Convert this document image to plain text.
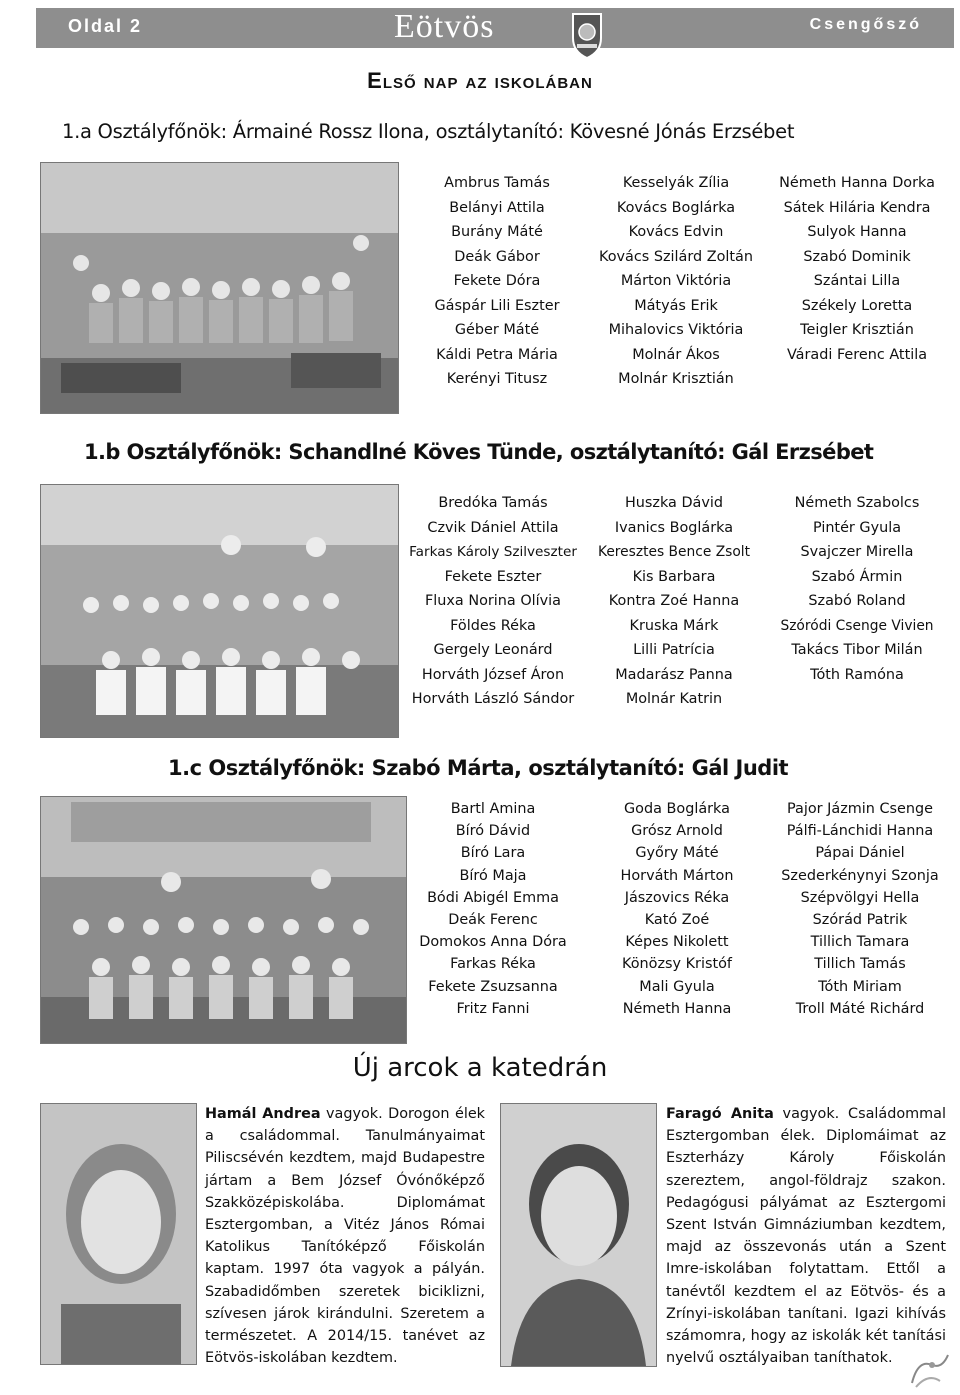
Oldal 2	Eötvös	Csengőszó
Első nap az iskolában
1.a Osztályfőnök: Ármainé Rossz Ilona, osztálytanító: Kövesné Jónás Erzsébet
Ambrus Tamás
Belányi Attila
Burány Máté
Deák Gábor
Fekete Dóra
Gáspár Lili Eszter
Géber Máté
Káldi Petra Mária
Kerényi Titusz
Kesselyák Zília
Kovács Boglárka
Kovács Edvin
Kovács Szilárd Zoltán
Márton Viktória
Mátyás Erik
Mihalovics Viktória
Molnár Ákos
Molnár Krisztián
Németh Hanna Dorka
Sátek Hilária Kendra
Sulyok Hanna
Szabó Dominik
Szántai Lilla
Székely Loretta
Teigler Krisztián
Váradi Ferenc Attila
1.b Osztályfőnök: Schandlné Köves Tünde, osztálytanító: Gál Erzsébet
Bredóka Tamás
Czvik Dániel Attila
Farkas Károly Szilveszter
Fekete Eszter
Fluxa Norina Olívia
Földes Réka
Gergely Leonárd
Horváth József Áron
Horváth László Sándor
Huszka Dávid
Ivanics Boglárka
Keresztes Bence Zsolt
Kis Barbara
Kontra Zoé Hanna
Kruska Márk
Lilli Patrícia
Madarász Panna
Molnár Katrin
Németh Szabolcs
Pintér Gyula
Svajczer Mirella
Szabó Ármin
Szabó Roland
Szóródi Csenge Vivien
Takács Tibor Milán
Tóth Ramóna
1.c Osztályfőnök: Szabó Márta, osztálytanító: Gál Judit
Bartl Amina
Bíró Dávid
Bíró Lara
Bíró Maja
Bódi Abigél Emma
Deák Ferenc
Domokos Anna Dóra
Farkas Réka
Fekete Zsuzsanna
Fritz Fanni
Goda Boglárka
Grósz Arnold
Győry Máté
Horváth Márton
Jászovics Réka
Kató Zoé
Képes Nikolett
Könözsy Kristóf
Mali Gyula
Németh Hanna
Pajor Jázmin Csenge
Pálfi-Lánchidi Hanna
Pápai Dániel
Szederkénynyi Szonja
Szépvölgyi Hella
Szórád Patrik
Tillich Tamara
Tillich Tamás
Tóth Miriam
Troll Máté Richárd
Új arcok a katedrán
Hamál Andrea vagyok. Dorogon élek a családommal. Tanulmányaimat Piliscsévén kezdtem, majd Budapestre jártam a Bem József Óvónőképző Szakközépiskolába. Diplomámat Esztergomban, a Vitéz János Római Katolikus Tanítóképző Főiskolán kaptam. 1997 óta vagyok a pályán. Szabadidőmben szeretek biciklizni, szívesen járok kirándulni. Szeretem a természetet. A 2014/15. tanévet az Eötvös-iskolában kezdtem.
Faragó Anita vagyok. Családommal Esztergomban élek. Diplomáimat az Eszterházy Károly Főiskolán szereztem, angol-földrajz szakon. Pedagógusi pályámat az Esztergomi Szent István Gimnáziumban kezdtem, majd az összevonás után a Szent Imre-iskolában folytattam. Ettől a tanévtől kezdtem el az Eötvös- és a Zrínyi-iskolában tanítani. Igazi kihívás számomra, hogy az iskolák két tanítási nyelvű osztályaiban taníthatok.
